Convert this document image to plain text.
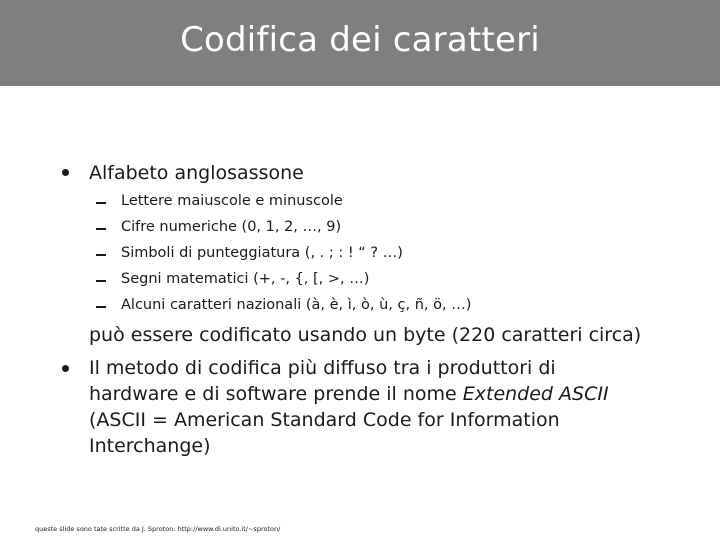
Codifica dei caratteri
Alfabeto anglosassone
Lettere maiuscole e minuscole
Cifre numeriche (0, 1, 2, …, 9)
Simboli di punteggiatura (, . ; : ! “ ? …)
Segni matematici (+, -, {, [, >, …)
Alcuni caratteri nazionali (à, è, ì, ò, ù, ç, ñ, ö, …)
può essere codificato usando un byte (220 caratteri circa)
Il metodo di codifica più diffuso tra i produttori di
hardware e di software prende il nome Extended ASCII
(ASCII = American Standard Code for Information
Interchange)
queste slide sono tate scritte da J. Sproton: http://www.di.unito.it/~sproton/
